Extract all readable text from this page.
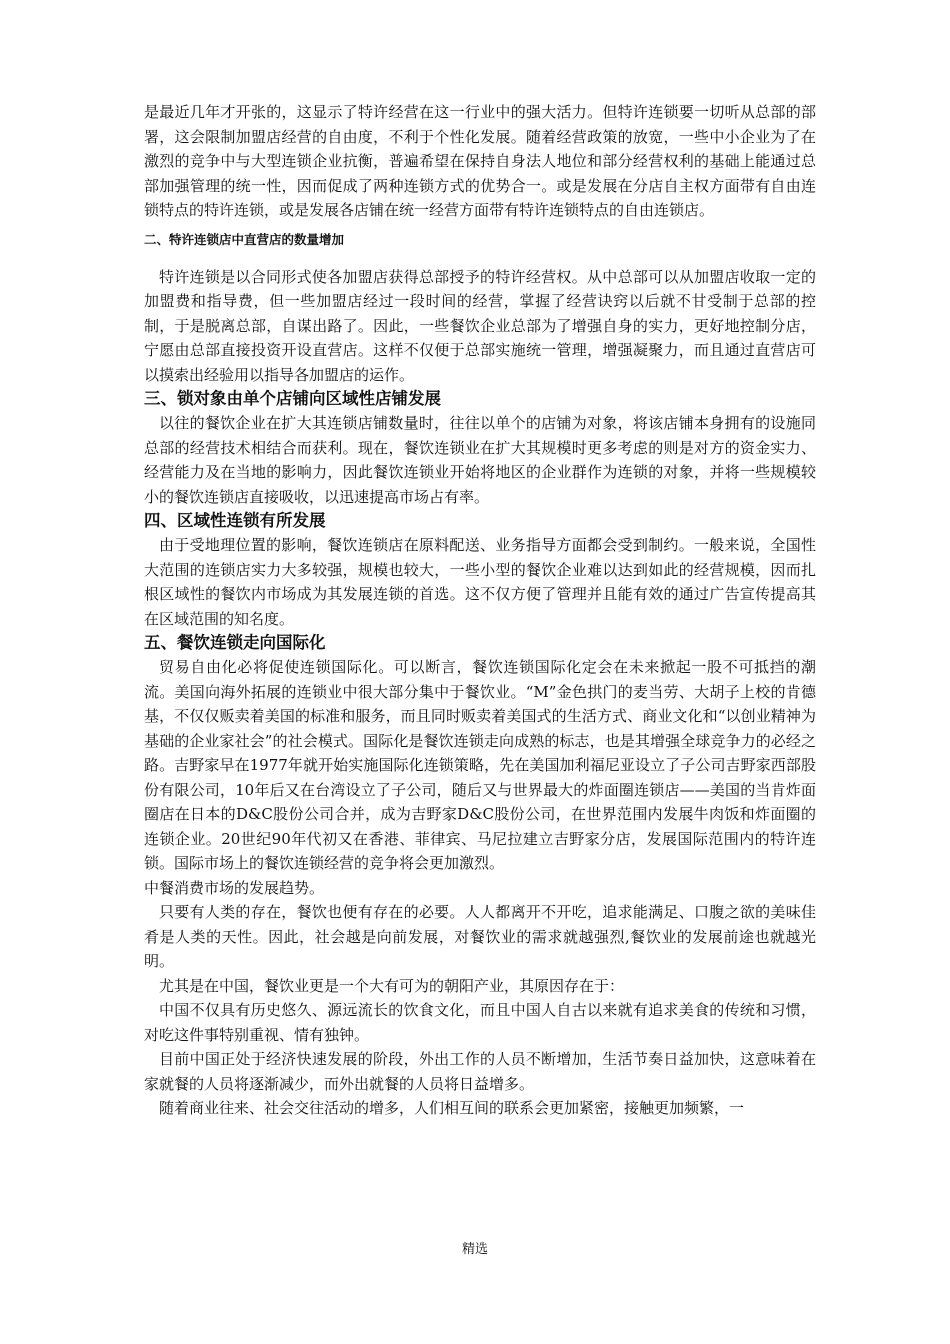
是最近几年才开张的，这显示了特许经营在这一行业中的强大活力。但特许连锁要一切听从总部的部署，这会限制加盟店经营的自由度，不利于个性化发展。随着经营政策的放宽，一些中小企业为了在激烈的竞争中与大型连锁企业抗衡，普遍希望在保持自身法人地位和部分经营权利的基础上能通过总部加强管理的统一性，因而促成了两种连锁方式的优势合一。或是发展在分店自主权方面带有自由连锁特点的特许连锁，或是发展各店铺在统一经营方面带有特许连锁特点的自由连锁店。

二、特许连锁店中直营店的数量增加

特许连锁是以合同形式使各加盟店获得总部授予的特许经营权。从中总部可以从加盟店收取一定的加盟费和指导费，但一些加盟店经过一段时间的经营，掌握了经营诀窍以后就不甘受制于总部的控制，于是脱离总部，自谋出路了。因此，一些餐饮企业总部为了增强自身的实力，更好地控制分店，宁愿由总部直接投资开设直营店。这样不仅便于总部实施统一管理，增强凝聚力，而且通过直营店可以摸索出经验用以指导各加盟店的运作。

三、锁对象由单个店铺向区域性店铺发展

以往的餐饮企业在扩大其连锁店铺数量时，往往以单个的店铺为对象，将该店铺本身拥有的设施同总部的经营技术相结合而获利。现在，餐饮连锁业在扩大其规模时更多考虑的则是对方的资金实力、经营能力及在当地的影响力，因此餐饮连锁业开始将地区的企业群作为连锁的对象，并将一些规模较小的餐饮连锁店直接吸收，以迅速提高市场占有率。

四、区域性连锁有所发展

由于受地理位置的影响，餐饮连锁店在原料配送、业务指导方面都会受到制约。一般来说，全国性大范围的连锁店实力大多较强，规模也较大，一些小型的餐饮企业难以达到如此的经营规模，因而扎根区域性的餐饮内市场成为其发展连锁的首选。这不仅方便了管理并且能有效的通过广告宣传提高其在区域范围的知名度。

五、餐饮连锁走向国际化

贸易自由化必将促使连锁国际化。可以断言，餐饮连锁国际化定会在未来掀起一股不可抵挡的潮流。美国向海外拓展的连锁业中很大部分集中于餐饮业。“M”金色拱门的麦当劳、大胡子上校的肯德基，不仅仅贩卖着美国的标准和服务，而且同时贩卖着美国式的生活方式、商业文化和“以创业精神为基础的企业家社会”的社会模式。国际化是餐饮连锁走向成熟的标志，也是其增强全球竞争力的必经之路。吉野家早在1977年就开始实施国际化连锁策略，先在美国加利福尼亚设立了子公司吉野家西部股份有限公司，10年后又在台湾设立了子公司，随后又与世界最大的炸面圈连锁店——美国的当肯炸面圈店在日本的D&C股份公司合并，成为吉野家D&C股份公司，在世界范围内发展牛肉饭和炸面圈的连锁企业。20世纪90年代初又在香港、菲律宾、马尼拉建立吉野家分店，发展国际范围内的特许连锁。国际市场上的餐饮连锁经营的竞争将会更加激烈。

中餐消费市场的发展趋势。

只要有人类的存在，餐饮也便有存在的必要。人人都离开不开吃，追求能满足、口腹之欲的美味佳肴是人类的天性。因此，社会越是向前发展，对餐饮业的需求就越强烈,餐饮业的发展前途也就越光明。

尤其是在中国，餐饮业更是一个大有可为的朝阳产业，其原因存在于：

中国不仅具有历史悠久、源远流长的饮食文化，而且中国人自古以来就有追求美食的传统和习惯，对吃这件事特别重视、情有独钟。

目前中国正处于经济快速发展的阶段，外出工作的人员不断增加，生活节奏日益加快，这意味着在家就餐的人员将逐渐减少，而外出就餐的人员将日益增多。

随着商业往来、社会交往活动的增多，人们相互间的联系会更加紧密，接触更加频繁，一

精选
